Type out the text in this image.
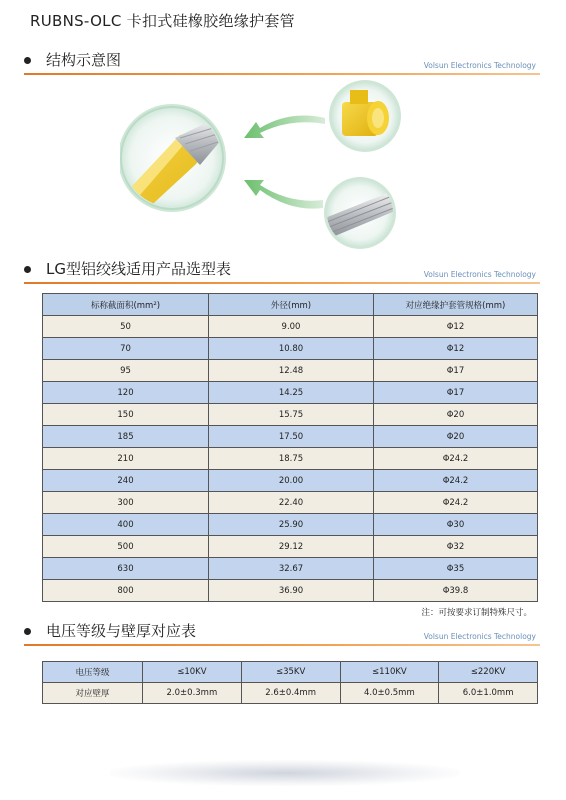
RUBNS-OLC 卡扣式硅橡胶绝缘护套管
结构示意图	Volsun Electronics Technology
LG型铝绞线适用产品选型表	Volsun Electronics Technology
标称截面积(mm²)	外径(mm)	对应绝缘护套管规格(mm)
50	9.00	Φ12
70	10.80	Φ12
95	12.48	Φ17
120	14.25	Φ17
150	15.75	Φ20
185	17.50	Φ20
210	18.75	Φ24.2
240	20.00	Φ24.2
300	22.40	Φ24.2
400	25.90	Φ30
500	29.12	Φ32
630	32.67	Φ35
800	36.90	Φ39.8
注：可按要求订制特殊尺寸。
电压等级与壁厚对应表	Volsun Electronics Technology
电压等级	≤10KV	≤35KV	≤110KV	≤220KV
对应壁厚	2.0±0.3mm	2.6±0.4mm	4.0±0.5mm	6.0±1.0mm
